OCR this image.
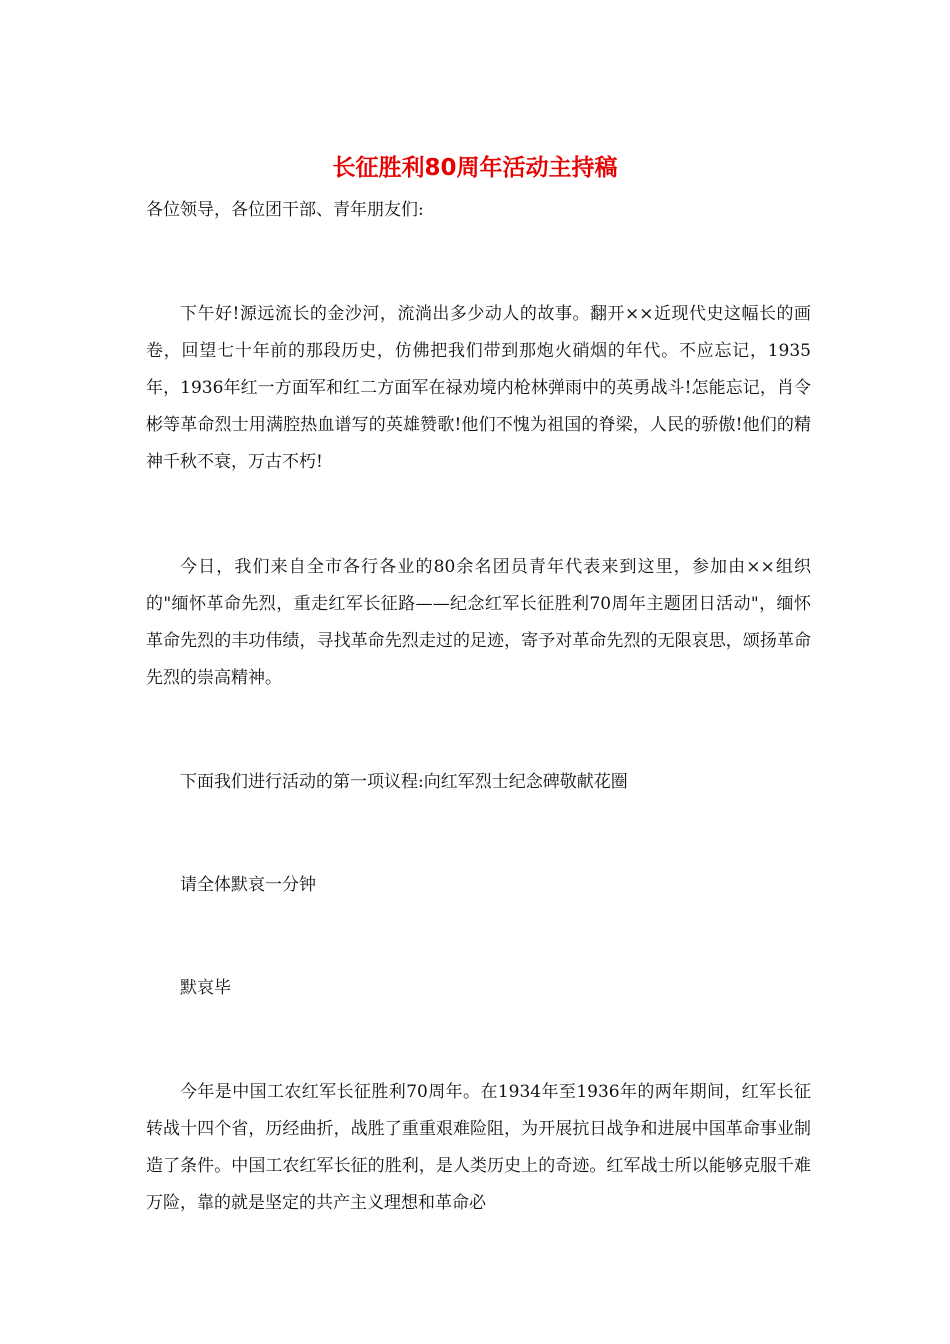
长征胜利80周年活动主持稿

各位领导，各位团干部、青年朋友们:

下午好!源远流长的金沙河，流淌出多少动人的故事。翻开××近现代史这幅长的画卷，回望七十年前的那段历史，仿佛把我们带到那炮火硝烟的年代。不应忘记，1935年，1936年红一方面军和红二方面军在禄劝境内枪林弹雨中的英勇战斗!怎能忘记，肖令彬等革命烈士用满腔热血谱写的英雄赞歌!他们不愧为祖国的脊梁，人民的骄傲!他们的精神千秋不衰，万古不朽!

今日，我们来自全市各行各业的80余名团员青年代表来到这里，参加由××组织的"缅怀革命先烈，重走红军长征路——纪念红军长征胜利70周年主题团日活动"，缅怀革命先烈的丰功伟绩，寻找革命先烈走过的足迹，寄予对革命先烈的无限哀思，颂扬革命先烈的崇高精神。

下面我们进行活动的第一项议程:向红军烈士纪念碑敬献花圈

请全体默哀一分钟

默哀毕

今年是中国工农红军长征胜利70周年。在1934年至1936年的两年期间，红军长征转战十四个省，历经曲折，战胜了重重艰难险阻，为开展抗日战争和进展中国革命事业制造了条件。中国工农红军长征的胜利，是人类历史上的奇迹。红军战士所以能够克服千难万险，靠的就是坚定的共产主义理想和革命必
